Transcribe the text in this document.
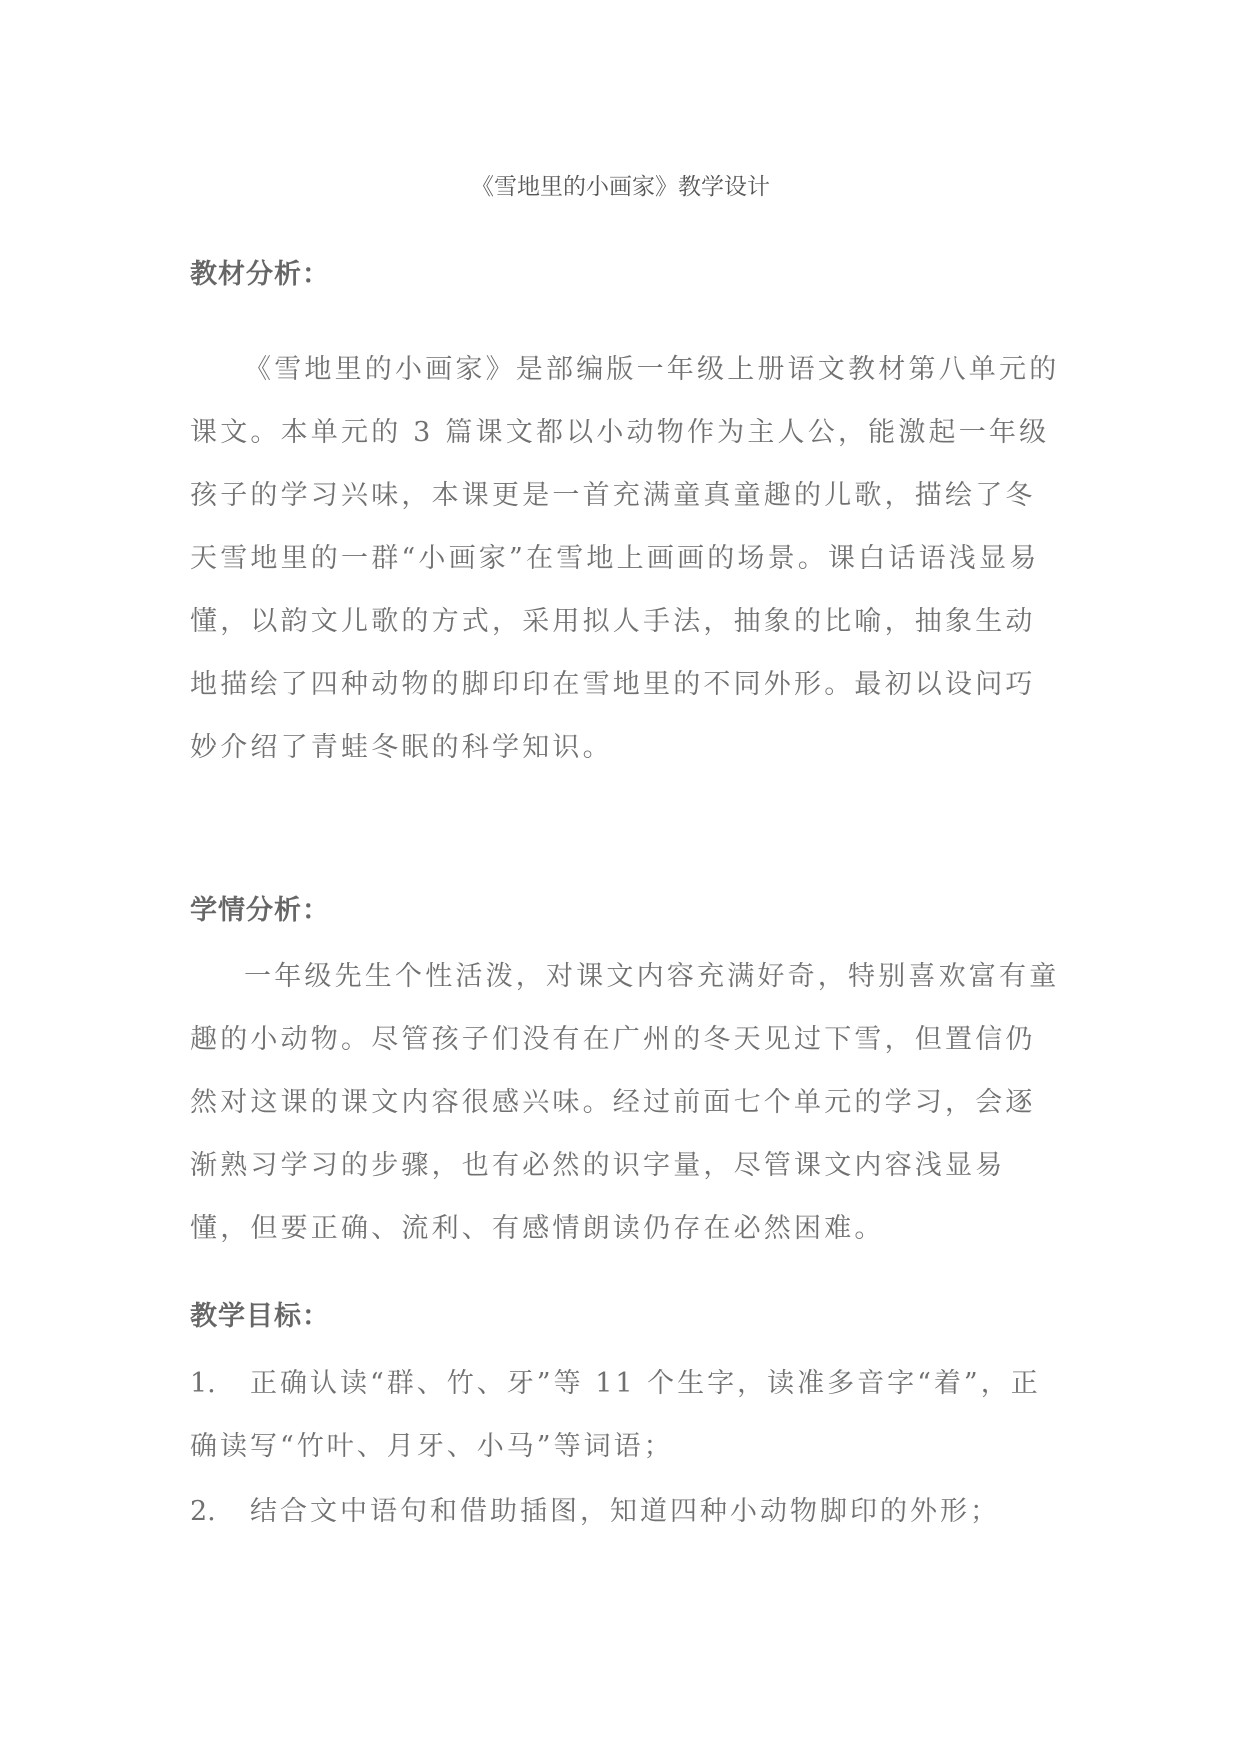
《雪地里的小画家》教学设计
教材分析：

《雪地里的小画家》是部编版一年级上册语文教材第八单元的课文。本单元的 3 篇课文都以小动物作为主人公，能激起一年级孩子的学习兴味，本课更是一首充满童真童趣的儿歌，描绘了冬天雪地里的一群“小画家”在雪地上画画的场景。课白话语浅显易懂，以韵文儿歌的方式，采用拟人手法，抽象的比喻，抽象生动地描绘了四种动物的脚印印在雪地里的不同外形。最初以设问巧妙介绍了青蛙冬眠的科学知识。

学情分析：

一年级先生个性活泼，对课文内容充满好奇，特别喜欢富有童趣的小动物。尽管孩子们没有在广州的冬天见过下雪，但置信仍然对这课的课文内容很感兴味。经过前面七个单元的学习，会逐渐熟习学习的步骤，也有必然的识字量，尽管课文内容浅显易懂，但要正确、流利、有感情朗读仍存在必然困难。

教学目标：

1. 正确认读“群、竹、牙”等 11 个生字，读准多音字“着”，正确读写“竹叶、月牙、小马”等词语；

2. 结合文中语句和借助插图，知道四种小动物脚印的外形；
